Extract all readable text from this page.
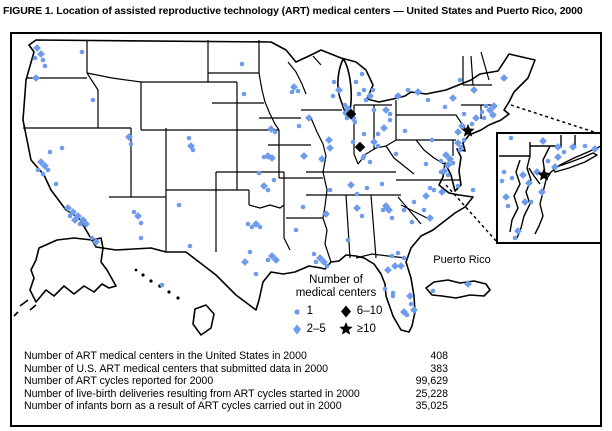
FIGURE 1. Location of assisted reproductive technology (ART) medical centers — United States and Puerto Rico, 2000
Number of
medical centers
1	6–10
2–5	≥10
Puerto Rico
Number of ART medical centers in the United States in 2000	408
Number of U.S. ART medical centers that submitted data in 2000	383
Number of ART cycles reported for 2000	99,629
Number of live-birth deliveries resulting from ART cycles started in 2000	25,228
Number of infants born as a result of ART cycles carried out in 2000	35,025
